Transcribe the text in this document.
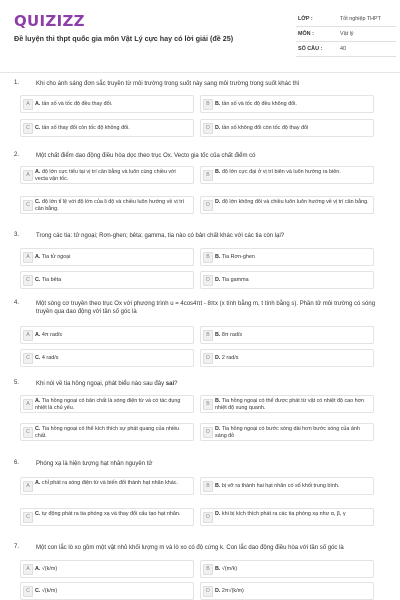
QUIZIZZ
Đề luyện thi thpt quốc gia môn Vật Lý cực hay có lời giải (đề 25)
LỚP :	Tốt nghiệp THPT
MÔN :	Vật lý
SỐ CÂU :	40
1.	Khi cho ánh sáng đơn sắc truyền từ môi trường trong suốt này sang môi trường trong suốt khác thì
A A. tần số và tốc độ đều thay đổi.	B B. tần số và tốc độ đều không đổi.
C C. tần số thay đổi còn tốc độ không đổi.	D D. tần số không đổi còn tốc độ thay đổi
2.	Một chất điểm dao động điều hòa dọc theo trục Ox. Vecto gia tốc của chất điểm có
A A. độ lớn cực tiểu tại vị trí cân bằng và luôn cùng chiều với vecta vận tốc.
B B. độ lớn cực đại ở vị trí biên và luôn hướng ra biên.
C C. độ lớn tỉ lệ với độ lớn của li độ và chiều luôn hướng về vị trí cân bằng.
D D. độ lớn không đổi và chiều luôn luôn hướng về vị trí cân bằng.
3.	Trong các tia: tử ngoại; Rơn-ghen; bêta; gamma, tia nào có bản chất khác với các tia còn lại?
A A. Tia tử ngoại	B B. Tia Rơn-ghen
C C. Tia bêta	D D. Tia gamma
4.	Một sóng cơ truyền theo trục Ox với phương trình u = 4cos4πt - 8πx (x tính bằng m, t tính bằng s). Phần tử môi trường có sóng truyền qua dao động với tần số góc là
A A. 4π rad/s	B B. 8π rad/s
C C. 4 rad/s	D D. 2 rad/s
5.	Khi nói về tia hồng ngoại, phát biểu nào sau đây sai?
A A. Tia hồng ngoại có bản chất là sóng điện từ và có tác dụng nhiệt là chủ yếu.
B B. Tia hồng ngoại có thể được phát từ vật có nhiệt độ cao hơn nhiệt độ xung quanh.
C C. Tia hồng ngoại có thể kích thích sự phát quang của nhiều chất.
D D. Tia hồng ngoại có bước sóng dài hơn bước sóng của ánh sáng đỏ
6.	Phóng xạ là hiện tượng hạt nhân nguyên tử
A A. chỉ phát ra sóng điện từ và biến đổi thành hạt nhân khác.	B B. bị vỡ ra thành hai hạt nhân có số khối trung bình.
C C. tự động phát ra tia phóng xạ và thay đổi cấu tạo hạt nhân.	D D. khi bị kích thích phát ra các tia phóng xạ như α, β, γ
7.	Một con lắc lò xo gồm một vật nhỏ khối lượng m và lò xo có độ cứng k. Con lắc dao động điều hòa với tần số góc là
A A. √(k/m)	B B. √(m/k)
C C. √(k/m)	D D. 2π√(k/m)
